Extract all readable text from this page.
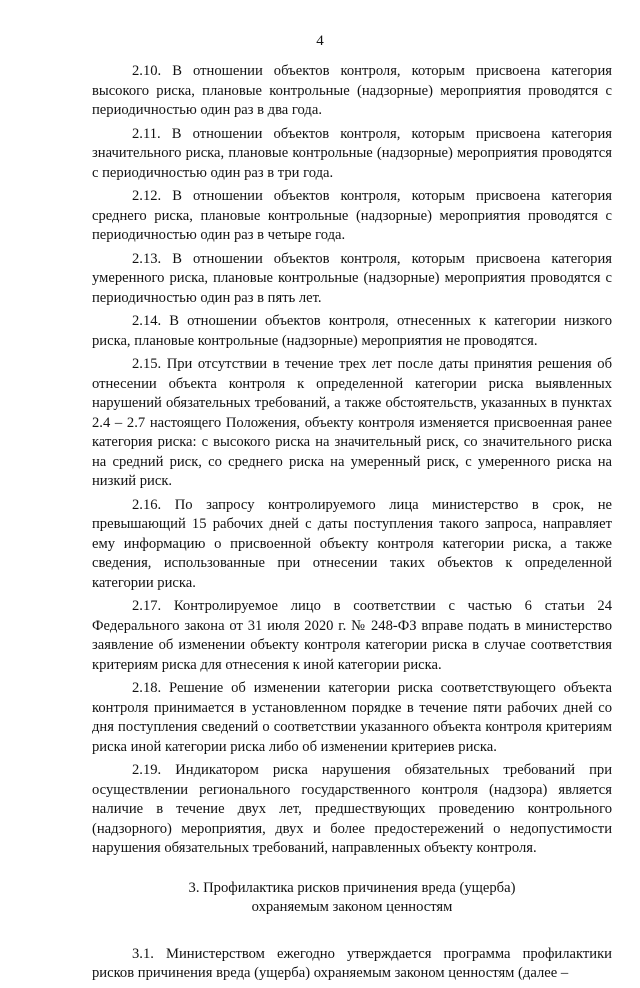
4

2.10. В отношении объектов контроля, которым присвоена категория высокого риска, плановые контрольные (надзорные) мероприятия проводятся с периодичностью один раз в два года.

2.11. В отношении объектов контроля, которым присвоена категория значительного риска, плановые контрольные (надзорные) мероприятия проводятся с периодичностью один раз в три года.

2.12. В отношении объектов контроля, которым присвоена категория среднего риска, плановые контрольные (надзорные) мероприятия проводятся с периодичностью один раз в четыре года.

2.13. В отношении объектов контроля, которым присвоена категория умеренного риска, плановые контрольные (надзорные) мероприятия проводятся с периодичностью один раз в пять лет.

2.14. В отношении объектов контроля, отнесенных к категории низкого риска, плановые контрольные (надзорные) мероприятия не проводятся.

2.15. При отсутствии в течение трех лет после даты принятия решения об отнесении объекта контроля к определенной категории риска выявленных нарушений обязательных требований, а также обстоятельств, указанных в пунктах 2.4 – 2.7 настоящего Положения, объекту контроля изменяется присвоенная ранее категория риска: с высокого риска на значительный риск, со значительного риска на средний риск, со среднего риска на умеренный риск, с умеренного риска на низкий риск.

2.16. По запросу контролируемого лица министерство в срок, не превышающий 15 рабочих дней с даты поступления такого запроса, направляет ему информацию о присвоенной объекту контроля категории риска, а также сведения, использованные при отнесении таких объектов к определенной категории риска.

2.17. Контролируемое лицо в соответствии с частью 6 статьи 24 Федерального закона от 31 июля 2020 г. № 248-ФЗ вправе подать в министерство заявление об изменении объекту контроля категории риска в случае соответствия критериям риска для отнесения к иной категории риска.

2.18. Решение об изменении категории риска соответствующего объекта контроля принимается в установленном порядке в течение пяти рабочих дней со дня поступления сведений о соответствии указанного объекта контроля критериям риска иной категории риска либо об изменении критериев риска.

2.19. Индикатором риска нарушения обязательных требований при осуществлении регионального государственного контроля (надзора) является наличие в течение двух лет, предшествующих проведению контрольного (надзорного) мероприятия, двух и более предостережений о недопустимости нарушения обязательных требований, направленных объекту контроля.

3. Профилактика рисков причинения вреда (ущерба)
охраняемым законом ценностям

3.1. Министерством ежегодно утверждается программа профилактики рисков причинения вреда (ущерба) охраняемым законом ценностям (далее –
